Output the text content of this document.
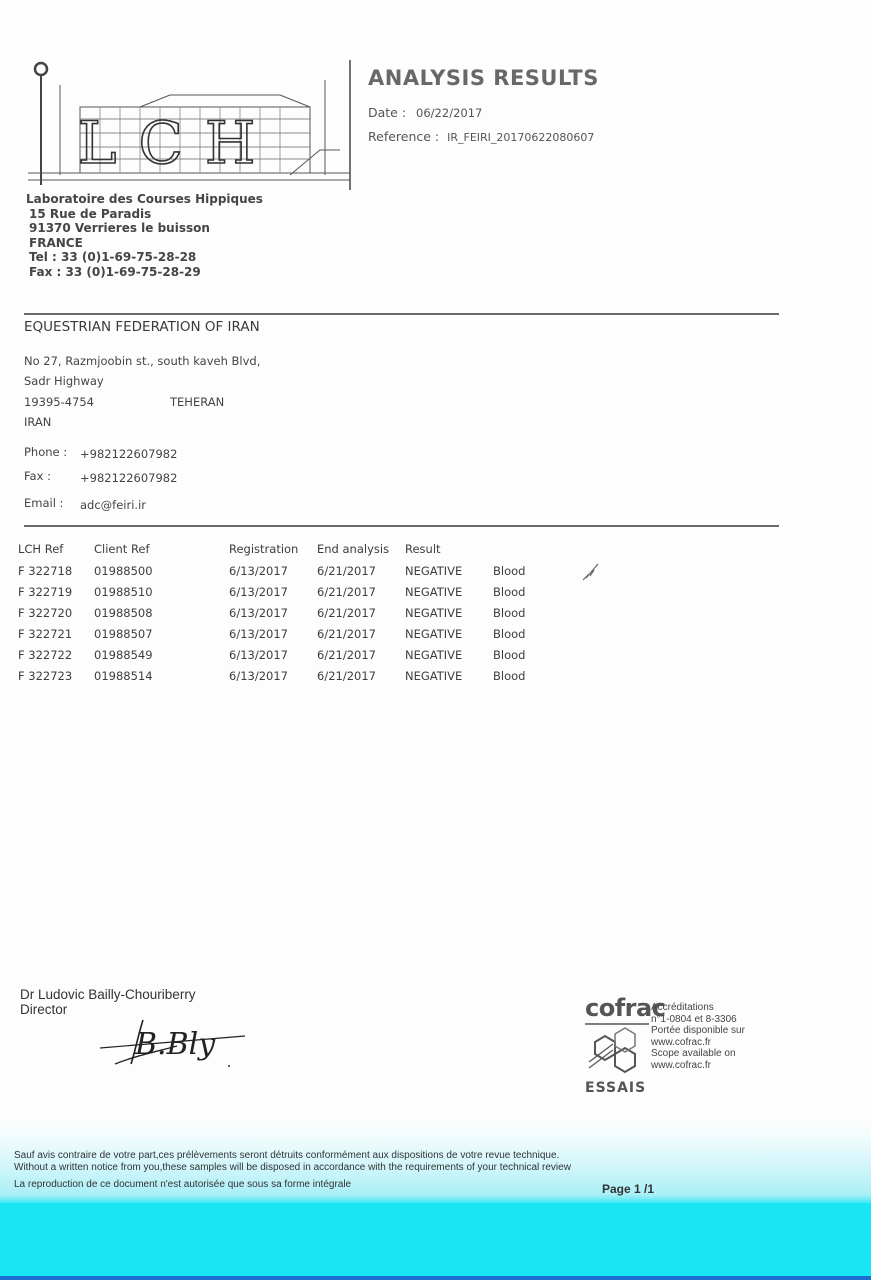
LCH
ANALYSIS RESULTS
Date : 06/22/2017
Reference : IR_FEIRI_20170622080607
Laboratoire des Courses Hippiques
15 Rue de Paradis
91370 Verrieres le buisson
FRANCE
Tel : 33 (0)1-69-75-28-28
Fax : 33 (0)1-69-75-28-29
EQUESTRIAN FEDERATION OF IRAN
No 27, Razmjoobin st., south kaveh Blvd,
Sadr Highway
19395-4754	TEHERAN
IRAN
Phone : +982122607982
Fax :	+982122607982
Email : adc@feiri.ir
LCH Ref	Client Ref	Registration	End analysis	Result	
F 322718	01988500	6/13/2017	6/21/2017	NEGATIVE	Blood
F 322719	01988510	6/13/2017	6/21/2017	NEGATIVE	Blood
F 322720	01988508	6/13/2017	6/21/2017	NEGATIVE	Blood
F 322721	01988507	6/13/2017	6/21/2017	NEGATIVE	Blood
F 322722	01988549	6/13/2017	6/21/2017	NEGATIVE	Blood
F 322723	01988514	6/13/2017	6/21/2017	NEGATIVE	Blood
Dr Ludovic Bailly-Chouriberry
Director
B.Bly
cofrac
ESSAIS
Accréditations
n°1-0804 et 8-3306
Portée disponible sur
www.cofrac.fr
Scope available on
www.cofrac.fr
Sauf avis contraire de votre part,ces prélèvements seront détruits conformément aux dispositions de votre revue technique.
Without a written notice from you,these samples will be disposed in accordance with the requirements of your technical review
La reproduction de ce document n'est autorisée que sous sa forme intégrale	Page 1 /1
